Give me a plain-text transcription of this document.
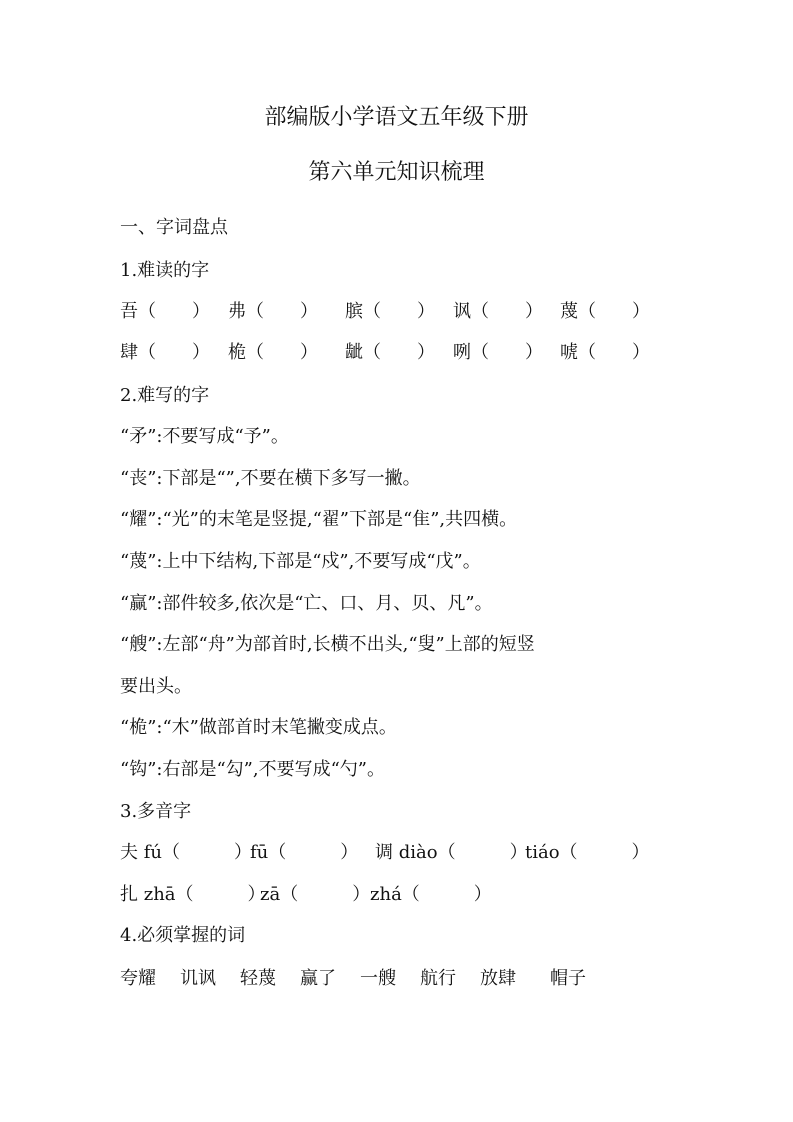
部编版小学语文五年级下册
第六单元知识梳理

一、字词盘点

1.难读的字

吾（　　） 弗（　　） 膑（　　） 讽（　　） 蔑（　　）
肆（　　） 桅（　　） 龇（　　） 咧（　　） 唬（　　）

2.难写的字

“矛”:不要写成“予”。

“丧”:下部是“”,不要在横下多写一撇。

“耀”:“光”的末笔是竖提,“翟”下部是“隹”,共四横。

“蔑”:上中下结构,下部是“戍”,不要写成“戊”。

“赢”:部件较多,依次是“亡、口、月、贝、凡”。

“艘”:左部“舟”为部首时,长横不出头,“叟”上部的短竖

要出头。

“桅”:“木”做部首时末笔撇变成点。

“钩”:右部是“勾”,不要写成“勺”。

3.多音字

夫 fú（　　　）
fū（　　　） 调 diào（　　　）
tiáo（　　　）
扎 zhā（　　　）
zā（　　　） zhá（　　　）

4.必须掌握的词

夸耀 讥讽 轻蔑 赢了 一艘 航行 放肆 帽子
